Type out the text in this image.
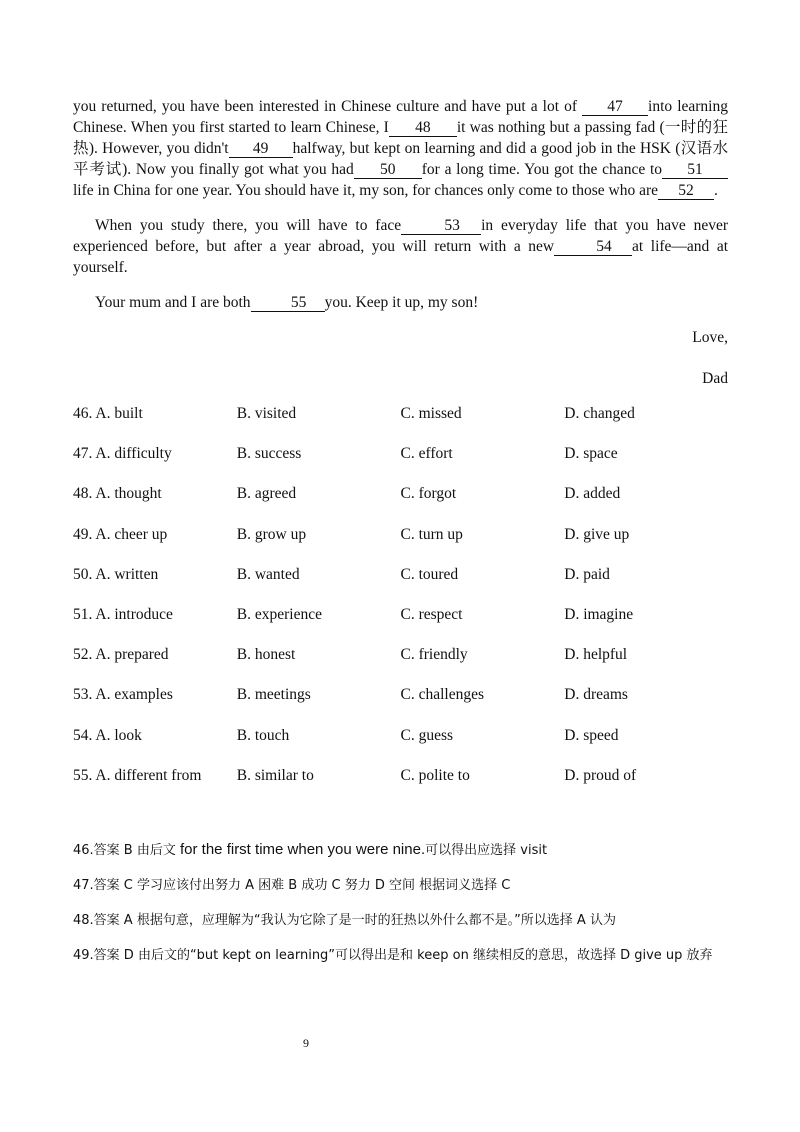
you returned, you have been interested in Chinese culture and have put a lot of 47 into learning Chinese. When you first started to learn Chinese, I 48 it was nothing but a passing fad (一时的狂热). However, you didn't 49 halfway, but kept on learning and did a good job in the HSK (汉语水平考试). Now you finally got what you had 50 for a long time. You got the chance to 51life in China for one year. You should have it, my son, for chances only come to those who are 52 .

When you study there, you will have to face	53 in everyday life that you have never experienced before, but after a year abroad, you will return with a new	54 at life—and at yourself.

Your mum and I are both	55 you. Keep it up, my son!

Love,
Dad
46. A. built	B. visited	C. missed	D. changed
47. A. difficulty	B. success	C. effort	D. space
48. A. thought	B. agreed	C. forgot	D. added
49. A. cheer up	B. grow up	C. turn up	D. give up
50. A. written	B. wanted	C. toured	D. paid
51. A. introduce	B. experience	C. respect	D. imagine
52. A. prepared	B. honest	C. friendly	D. helpful
53. A. examples	B. meetings	C. challenges	D. dreams
54. A. look	B. touch	C. guess	D. speed
55. A. different from	B. similar to	C. polite to	D. proud of

46.答案 B 由后文 for the first time when you were nine.可以得出应选择 visit

47.答案 C 学习应该付出努力 A 困难 B 成功 C 努力 D 空间 根据词义选择 C

48.答案 A 根据句意，应理解为“我认为它除了是一时的狂热以外什么都不是。”所以选择 A 认为

49.答案 D 由后文的“but kept on learning”可以得出是和 keep on 继续相反的意思，故选择 D give up 放弃

9
